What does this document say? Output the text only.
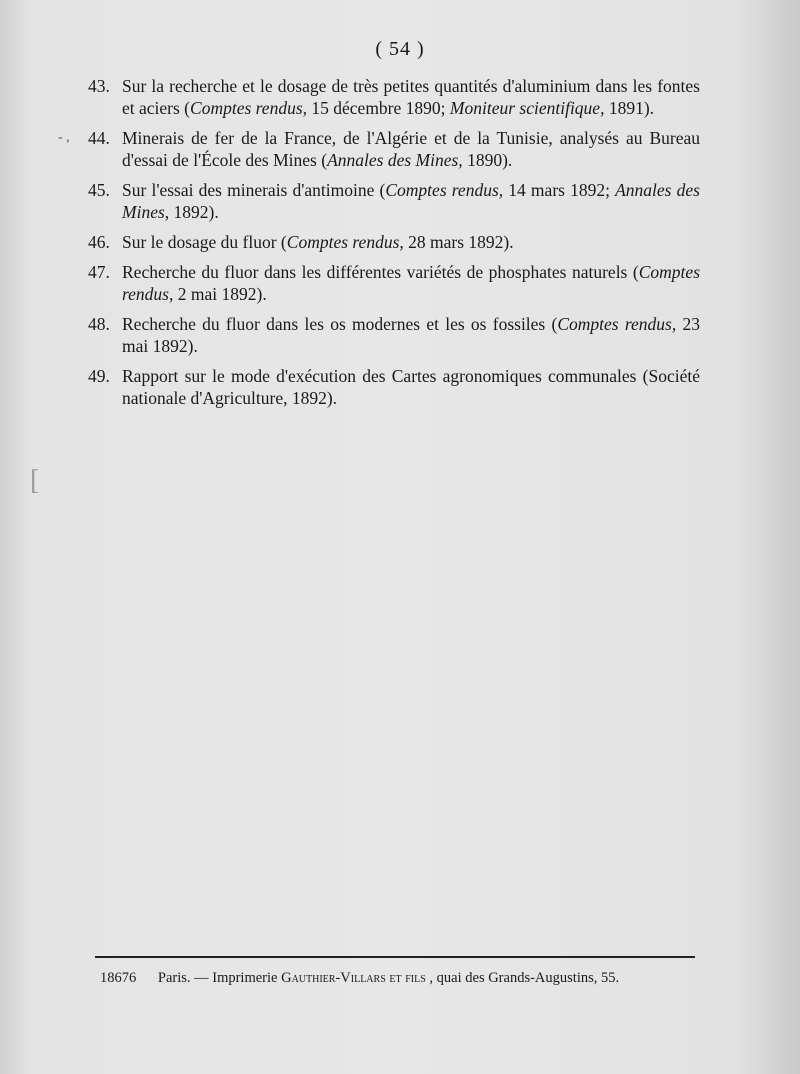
( 54 )
- ,
[
43. Sur la recherche et le dosage de très petites quantités d'aluminium dans les fontes et aciers (Comptes rendus, 15 décembre 1890; Moniteur scientifique, 1891).
44. Minerais de fer de la France, de l'Algérie et de la Tunisie, analysés au Bureau d'essai de l'École des Mines (Annales des Mines, 1890).
45. Sur l'essai des minerais d'antimoine (Comptes rendus, 14 mars 1892; Annales des Mines, 1892).
46. Sur le dosage du fluor (Comptes rendus, 28 mars 1892).
47. Recherche du fluor dans les différentes variétés de phosphates naturels (Comptes rendus, 2 mai 1892).
48. Recherche du fluor dans les os modernes et les os fossiles (Comptes rendus, 23 mai 1892).
49. Rapport sur le mode d'exécution des Cartes agronomiques communales (Société nationale d'Agriculture, 1892).
18676 Paris. — Imprimerie Gauthier-Villars et fils , quai des Grands-Augustins, 55.
